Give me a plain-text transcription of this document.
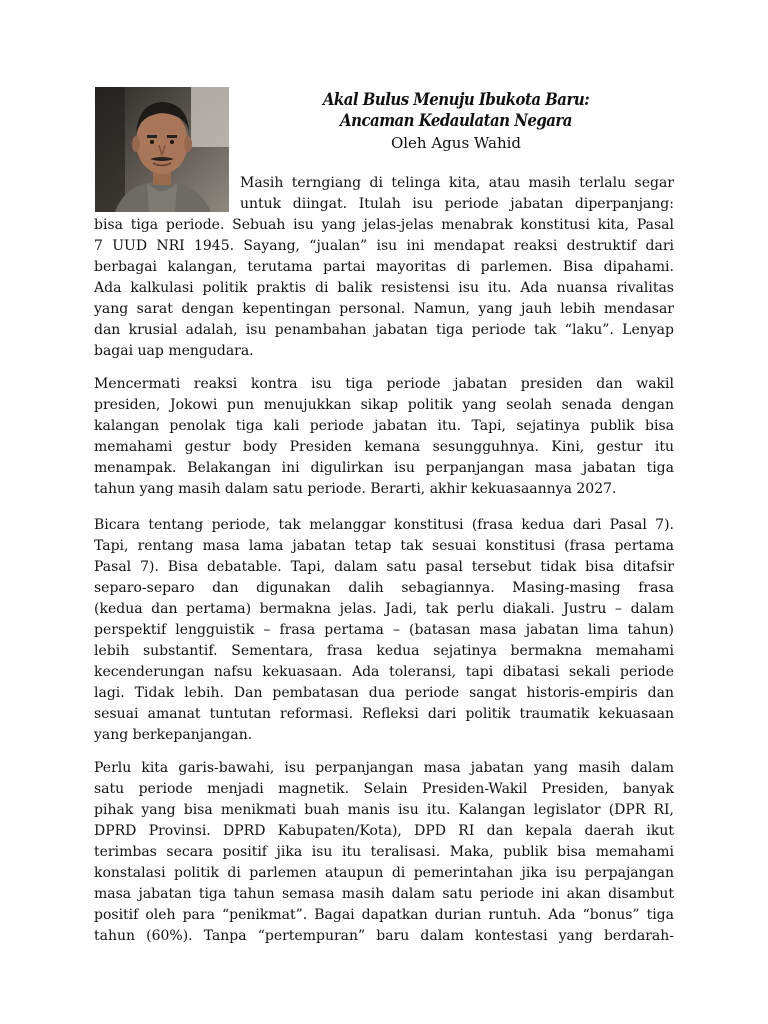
Akal Bulus Menuju Ibukota Baru:
Ancaman Kedaulatan Negara
Oleh Agus Wahid
Masih terngiang di telinga kita, atau masih terlalu segar
untuk diingat. Itulah isu periode jabatan diperpanjang:
bisa tiga periode. Sebuah isu yang jelas-jelas menabrak konstitusi kita, Pasal
7 UUD NRI 1945. Sayang, “jualan” isu ini mendapat reaksi destruktif dari
berbagai kalangan, terutama partai mayoritas di parlemen. Bisa dipahami.
Ada kalkulasi politik praktis di balik resistensi isu itu. Ada nuansa rivalitas
yang sarat dengan kepentingan personal. Namun, yang jauh lebih mendasar
dan krusial adalah, isu penambahan jabatan tiga periode tak “laku”. Lenyap
bagai uap mengudara.
Mencermati reaksi kontra isu tiga periode jabatan presiden dan wakil
presiden, Jokowi pun menujukkan sikap politik yang seolah senada dengan
kalangan penolak tiga kali periode jabatan itu. Tapi, sejatinya publik bisa
memahami gestur body Presiden kemana sesungguhnya. Kini, gestur itu
menampak. Belakangan ini digulirkan isu perpanjangan masa jabatan tiga
tahun yang masih dalam satu periode. Berarti, akhir kekuasaannya 2027.
Bicara tentang periode, tak melanggar konstitusi (frasa kedua dari Pasal 7).
Tapi, rentang masa lama jabatan tetap tak sesuai konstitusi (frasa pertama
Pasal 7). Bisa debatable. Tapi, dalam satu pasal tersebut tidak bisa ditafsir
separo-separo dan digunakan dalih sebagiannya. Masing-masing frasa
(kedua dan pertama) bermakna jelas. Jadi, tak perlu diakali. Justru – dalam
perspektif lengguistik – frasa pertama – (batasan masa jabatan lima tahun)
lebih substantif. Sementara, frasa kedua sejatinya bermakna memahami
kecenderungan nafsu kekuasaan. Ada toleransi, tapi dibatasi sekali periode
lagi. Tidak lebih. Dan pembatasan dua periode sangat historis-empiris dan
sesuai amanat tuntutan reformasi. Refleksi dari politik traumatik kekuasaan
yang berkepanjangan.
Perlu kita garis-bawahi, isu perpanjangan masa jabatan yang masih dalam
satu periode menjadi magnetik. Selain Presiden-Wakil Presiden, banyak
pihak yang bisa menikmati buah manis isu itu. Kalangan legislator (DPR RI,
DPRD Provinsi. DPRD Kabupaten/Kota), DPD RI dan kepala daerah ikut
terimbas secara positif jika isu itu teralisasi. Maka, publik bisa memahami
konstalasi politik di parlemen ataupun di pemerintahan jika isu perpajangan
masa jabatan tiga tahun semasa masih dalam satu periode ini akan disambut
positif oleh para “penikmat”. Bagai dapatkan durian runtuh. Ada “bonus” tiga
tahun (60%). Tanpa “pertempuran” baru dalam kontestasi yang berdarah-
